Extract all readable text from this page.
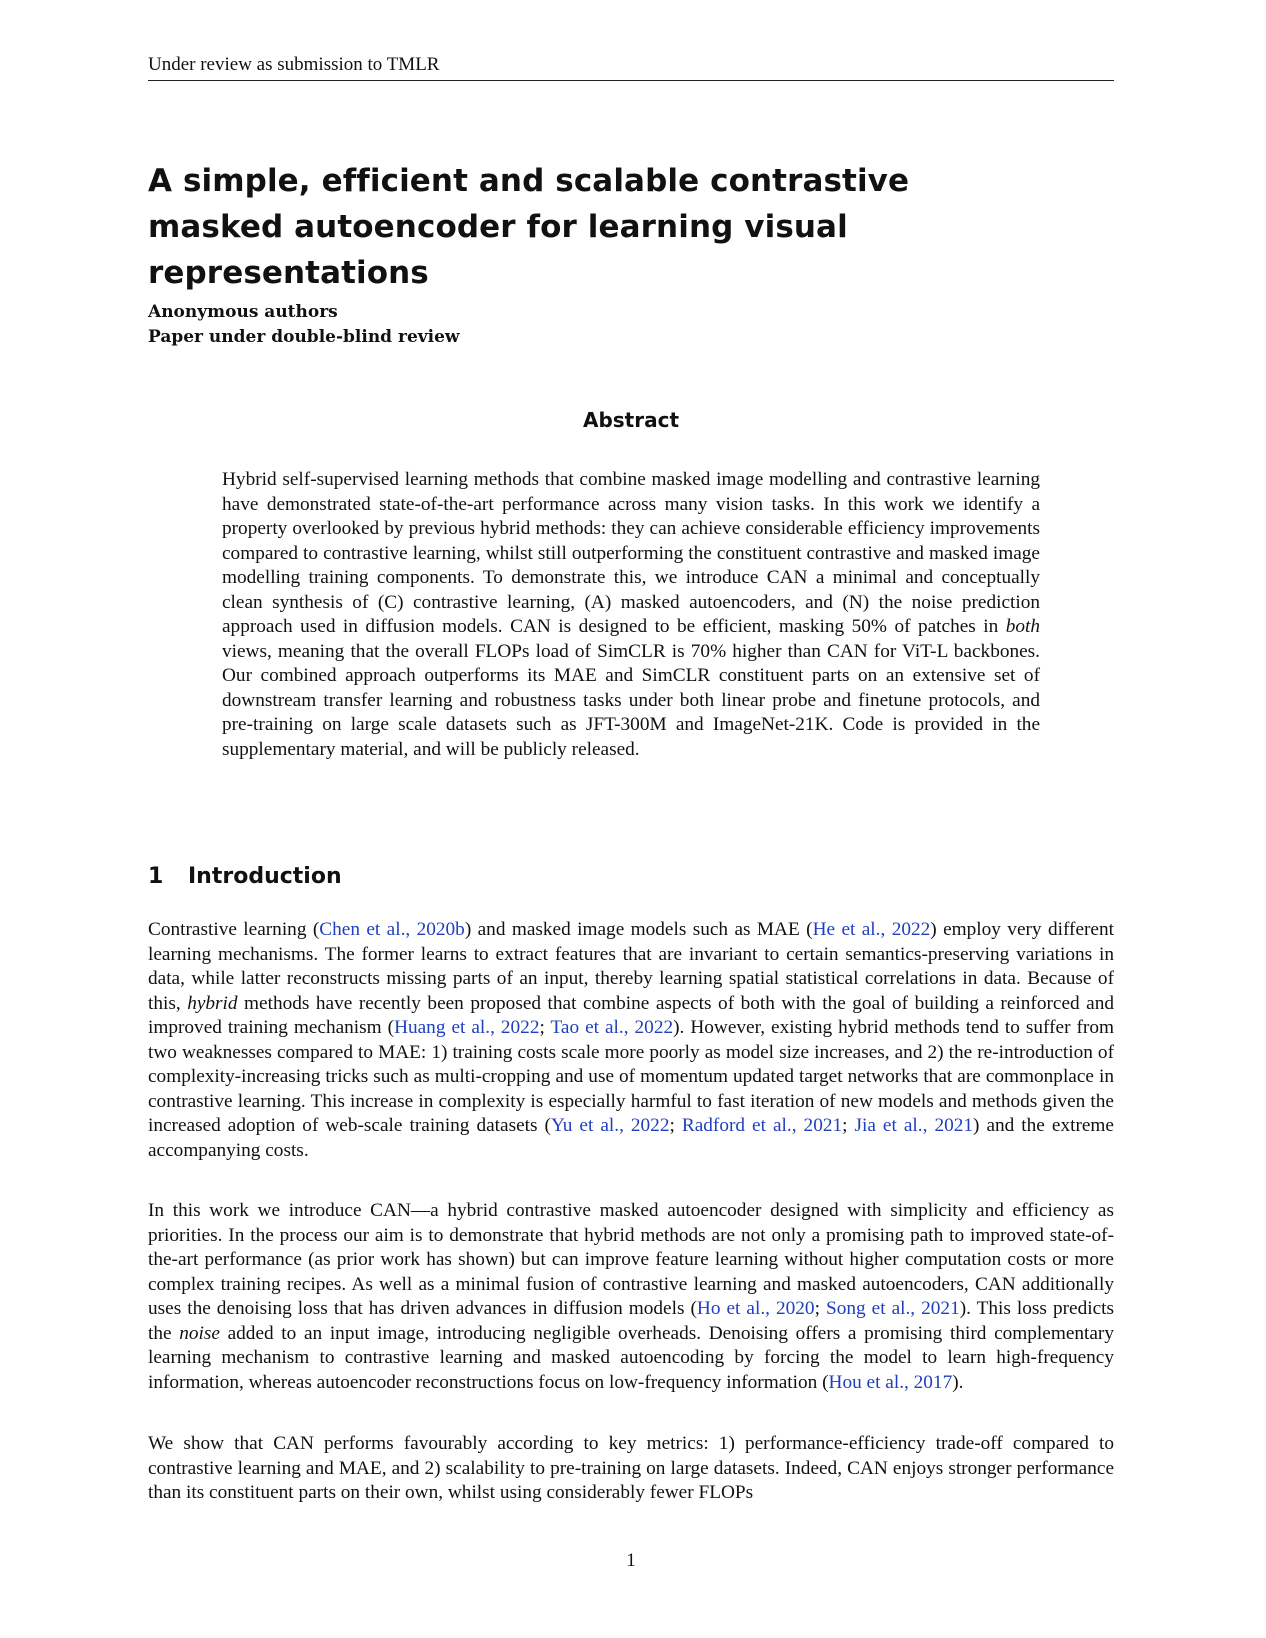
Under review as submission to TMLR
A simple, efficient and scalable contrastive
masked autoencoder for learning visual representations
Anonymous authors
Paper under double-blind review
Abstract

Hybrid self-supervised learning methods that combine masked image modelling and contrastive learning have demonstrated state-of-the-art performance across many vision tasks. In this work we identify a property overlooked by previous hybrid methods: they can achieve considerable efficiency improvements compared to contrastive learning, whilst still outperforming the constituent contrastive and masked image modelling training components. To demonstrate this, we introduce CAN a minimal and conceptually clean synthesis of (C) contrastive learning, (A) masked autoencoders, and (N) the noise prediction approach used in diffusion models. CAN is designed to be efficient, masking 50% of patches in both views, meaning that the overall FLOPs load of SimCLR is 70% higher than CAN for ViT-L backbones. Our combined approach outperforms its MAE and SimCLR constituent parts on an extensive set of downstream transfer learning and robustness tasks under both linear probe and finetune protocols, and pre-training on large scale datasets such as JFT-300M and ImageNet-21K. Code is provided in the supplementary material, and will be publicly released.

1 Introduction

Contrastive learning (Chen et al., 2020b) and masked image models such as MAE (He et al., 2022) employ very different learning mechanisms. The former learns to extract features that are invariant to certain semantics-preserving variations in data, while latter reconstructs missing parts of an input, thereby learning spatial statistical correlations in data. Because of this, hybrid methods have recently been proposed that combine aspects of both with the goal of building a reinforced and improved training mechanism (Huang et al., 2022; Tao et al., 2022). However, existing hybrid methods tend to suffer from two weaknesses compared to MAE: 1) training costs scale more poorly as model size increases, and 2) the re-introduction of complexity-increasing tricks such as multi-cropping and use of momentum updated target networks that are commonplace in contrastive learning. This increase in complexity is especially harmful to fast iteration of new models and methods given the increased adoption of web-scale training datasets (Yu et al., 2022; Radford et al., 2021; Jia et al., 2021) and the extreme accompanying costs.

In this work we introduce CAN—a hybrid contrastive masked autoencoder designed with simplicity and efficiency as priorities. In the process our aim is to demonstrate that hybrid methods are not only a promising path to improved state-of-the-art performance (as prior work has shown) but can improve feature learning without higher computation costs or more complex training recipes. As well as a minimal fusion of contrastive learning and masked autoencoders, CAN additionally uses the denoising loss that has driven advances in diffusion models (Ho et al., 2020; Song et al., 2021). This loss predicts the noise added to an input image, introducing negligible overheads. Denoising offers a promising third complementary learning mechanism to contrastive learning and masked autoencoding by forcing the model to learn high-frequency information, whereas autoencoder reconstructions focus on low-frequency information (Hou et al., 2017).

We show that CAN performs favourably according to key metrics: 1) performance-efficiency trade-off compared to contrastive learning and MAE, and 2) scalability to pre-training on large datasets. Indeed, CAN enjoys stronger performance than its constituent parts on their own, whilst using considerably fewer FLOPs

1
